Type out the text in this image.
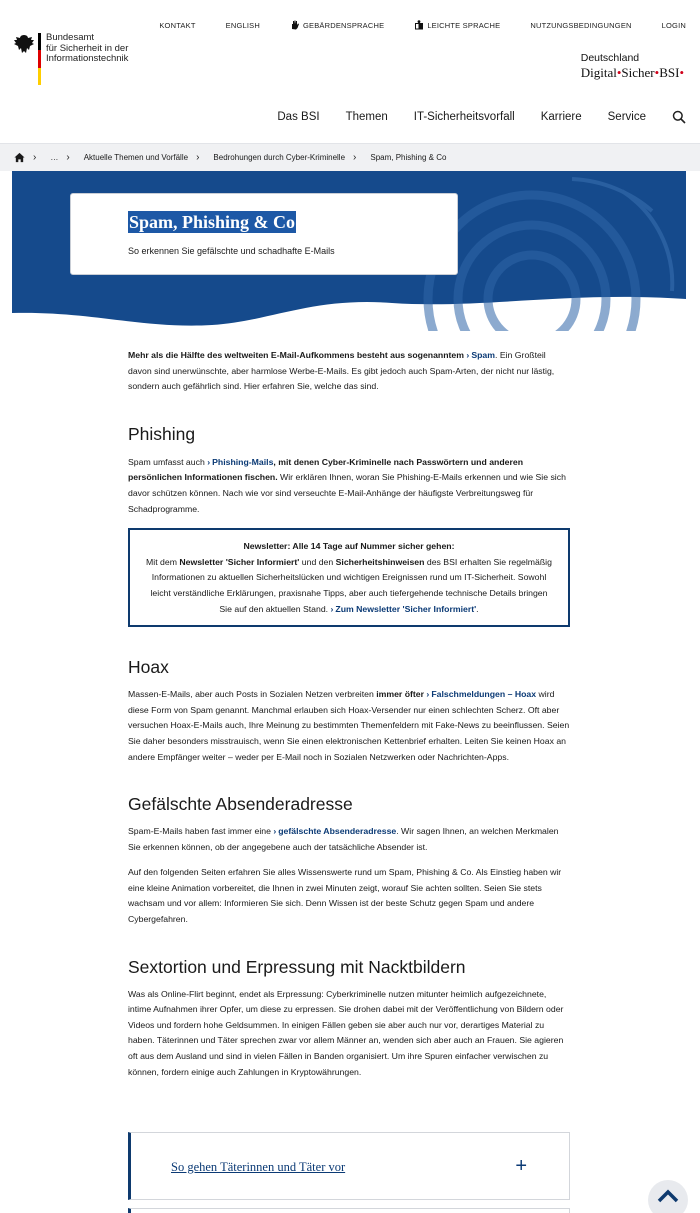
Bundesamt
für Sicherheit in der
Informationstechnik
KONTAKT	ENGLISH	GEBÄRDENSPRACHE	LEICHTE SPRACHE	NUTZUNGSBEDINGUNGEN	LOGIN
Deutschland
Digital•Sicher•BSI•
Das BSI Themen IT-Sicherheitsvorfall Karriere Service
› … › Aktuelle Themen und Vorfälle › Bedrohungen durch Cyber-Kriminelle › Spam, Phishing & Co
Spam, Phishing & Co
So erkennen Sie gefälschte und schadhafte E-Mails

Mehr als die Hälfte des weltweiten E-Mail-Aufkommens besteht aus sogenanntem › Spam. Ein Großteil davon sind unerwünschte, aber harmlose Werbe-E-Mails. Es gibt jedoch auch Spam-Arten, der nicht nur lästig, sondern auch gefährlich sind. Hier erfahren Sie, welche das sind.

Phishing

Spam umfasst auch › Phishing-Mails, mit denen Cyber-Kriminelle nach Passwörtern und anderen persönlichen Informationen fischen. Wir erklären Ihnen, woran Sie Phishing-E-Mails erkennen und wie Sie sich davor schützen können. Nach wie vor sind verseuchte E-Mail-Anhänge der häufigste Verbreitungsweg für Schadprogramme.

Newsletter: Alle 14 Tage auf Nummer sicher gehen:

Mit dem Newsletter 'Sicher Informiert' und den Sicherheitshinweisen des BSI erhalten Sie regelmäßig Informationen zu aktuellen Sicherheitslücken und wichtigen Ereignissen rund um IT-Sicherheit. Sowohl leicht verständliche Erklärungen, praxisnahe Tipps, aber auch tiefergehende technische Details bringen Sie auf den aktuellen Stand. › Zum Newsletter 'Sicher Informiert'.

Hoax

Massen-E-Mails, aber auch Posts in Sozialen Netzen verbreiten immer öfter › Falschmeldungen – Hoax wird diese Form von Spam genannt. Manchmal erlauben sich Hoax-Versender nur einen schlechten Scherz. Oft aber versuchen Hoax-E-Mails auch, Ihre Meinung zu bestimmten Themenfeldern mit Fake-News zu beeinflussen. Seien Sie daher besonders misstrauisch, wenn Sie einen elektronischen Kettenbrief erhalten. Leiten Sie keinen Hoax an andere Empfänger weiter – weder per E-Mail noch in Sozialen Netzwerken oder Nachrichten-Apps.

Gefälschte Absenderadresse

Spam-E-Mails haben fast immer eine › gefälschte Absenderadresse. Wir sagen Ihnen, an welchen Merkmalen Sie erkennen können, ob der angegebene auch der tatsächliche Absender ist.

Auf den folgenden Seiten erfahren Sie alles Wissenswerte rund um Spam, Phishing & Co. Als Einstieg haben wir eine kleine Animation vorbereitet, die Ihnen in zwei Minuten zeigt, worauf Sie achten sollten. Seien Sie stets wachsam und vor allem: Informieren Sie sich. Denn Wissen ist der beste Schutz gegen Spam und andere Cybergefahren.

Sextortion und Erpressung mit Nacktbildern

Was als Online-Flirt beginnt, endet als Erpressung: Cyberkriminelle nutzen mitunter heimlich aufgezeichnete, intime Aufnahmen ihrer Opfer, um diese zu erpressen. Sie drohen dabei mit der Veröffentlichung von Bildern oder Videos und fordern hohe Geldsummen. In einigen Fällen geben sie aber auch nur vor, derartiges Material zu haben. Täterinnen und Täter sprechen zwar vor allem Männer an, wenden sich aber auch an Frauen. Sie agieren oft aus dem Ausland und sind in vielen Fällen in Banden organisiert. Um ihre Spuren einfacher verwischen zu können, fordern einige auch Zahlungen in Kryptowährungen.

So gehen Täterinnen und Täter vor	+
